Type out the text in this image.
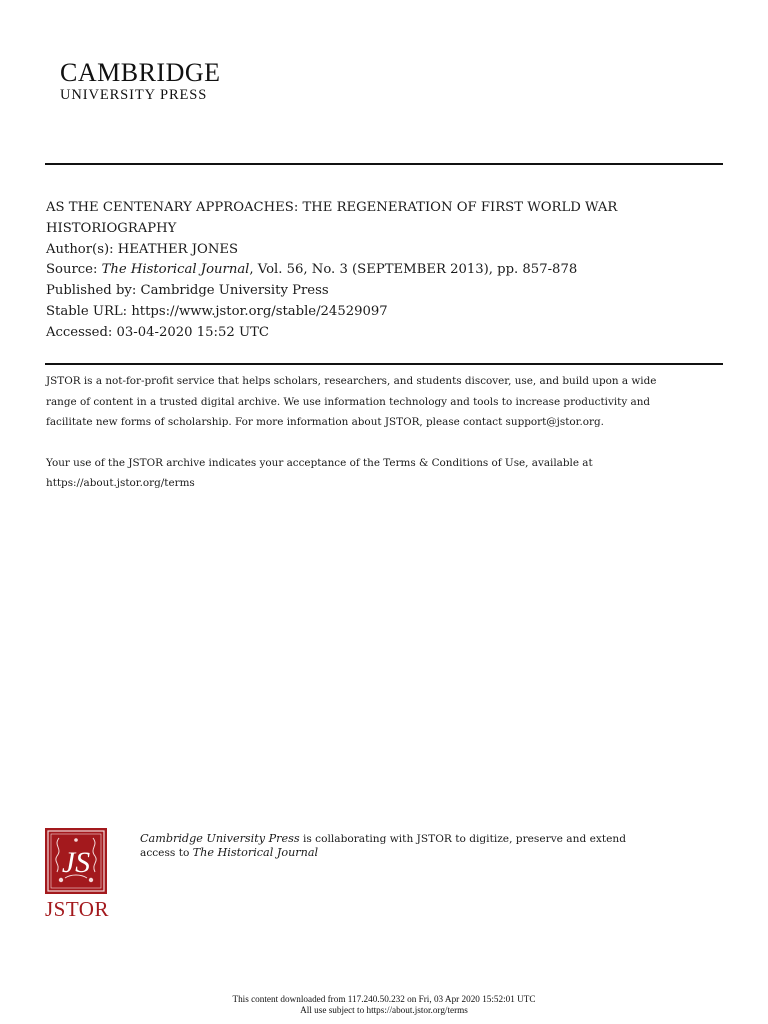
CAMBRIDGE
UNIVERSITY PRESS
AS THE CENTENARY APPROACHES: THE REGENERATION OF FIRST WORLD WAR
HISTORIOGRAPHY
Author(s): HEATHER JONES
Source: The Historical Journal, Vol. 56, No. 3 (SEPTEMBER 2013), pp. 857-878
Published by: Cambridge University Press
Stable URL: https://www.jstor.org/stable/24529097
Accessed: 03-04-2020 15:52 UTC

JSTOR is a not-for-profit service that helps scholars, researchers, and students discover, use, and build upon a wide
range of content in a trusted digital archive. We use information technology and tools to increase productivity and
facilitate new forms of scholarship. For more information about JSTOR, please contact support@jstor.org.

Your use of the JSTOR archive indicates your acceptance of the Terms & Conditions of Use, available at
https://about.jstor.org/terms

JS
JSTOR
Cambridge University Press is collaborating with JSTOR to digitize, preserve and extend
access to The Historical Journal
This content downloaded from 117.240.50.232 on Fri, 03 Apr 2020 15:52:01 UTC
All use subject to https://about.jstor.org/terms
